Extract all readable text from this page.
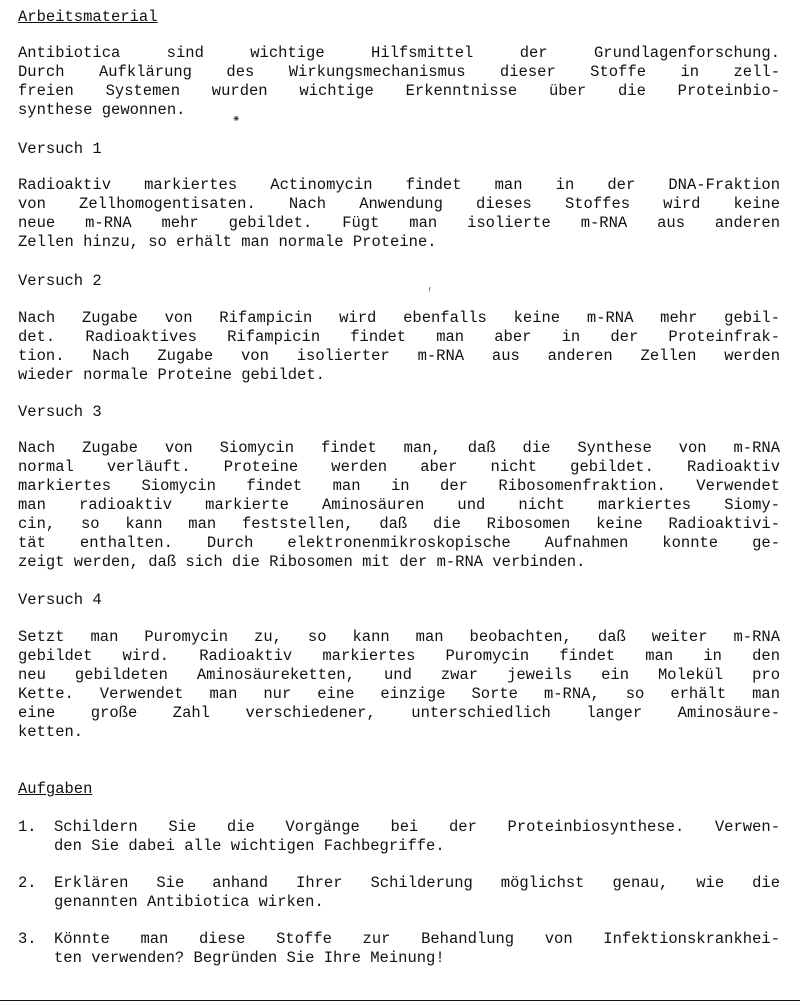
Arbeitsmaterial
Antibiotica sind wichtige Hilfsmittel der Grundlagenforschung.
Durch Aufklärung des Wirkungsmechanismus dieser Stoffe in zell-
freien Systemen wurden wichtige Erkenntnisse über die Proteinbio-
synthese gewonnen.
Versuch 1
Radioaktiv markiertes Actinomycin findet man in der DNA-Fraktion
von Zellhomogentisaten. Nach Anwendung dieses Stoffes wird keine
neue m-RNA mehr gebildet. Fügt man isolierte m-RNA aus anderen
Zellen hinzu, so erhält man normale Proteine.
Versuch 2
Nach Zugabe von Rifampicin wird ebenfalls keine m-RNA mehr gebil-
det. Radioaktives Rifampicin findet man aber in der Proteinfrak-
tion. Nach Zugabe von isolierter m-RNA aus anderen Zellen werden
wieder normale Proteine gebildet.
Versuch 3
Nach Zugabe von Siomycin findet man, daß die Synthese von m-RNA
normal verläuft. Proteine werden aber nicht gebildet. Radioaktiv
markiertes Siomycin findet man in der Ribosomenfraktion. Verwendet
man radioaktiv markierte Aminosäuren und nicht markiertes Siomy-
cin, so kann man feststellen, daß die Ribosomen keine Radioaktivi-
tät enthalten. Durch elektronenmikroskopische Aufnahmen konnte ge-
zeigt werden, daß sich die Ribosomen mit der m-RNA verbinden.
Versuch 4
Setzt man Puromycin zu, so kann man beobachten, daß weiter m-RNA
gebildet wird. Radioaktiv markiertes Puromycin findet man in den
neu gebildeten Aminosäureketten, und zwar jeweils ein Molekül pro
Kette. Verwendet man nur eine einzige Sorte m-RNA, so erhält man
eine große Zahl verschiedener, unterschiedlich langer Aminosäure-
ketten.
Aufgaben
1. Schildern Sie die Vorgänge bei der Proteinbiosynthese. Verwen-
den Sie dabei alle wichtigen Fachbegriffe.
2. Erklären Sie anhand Ihrer Schilderung möglichst genau, wie die
genannten Antibiotica wirken.
3. Könnte man diese Stoffe zur Behandlung von Infektionskrankhei-
ten verwenden? Begründen Sie Ihre Meinung!
⁕
ʳ
